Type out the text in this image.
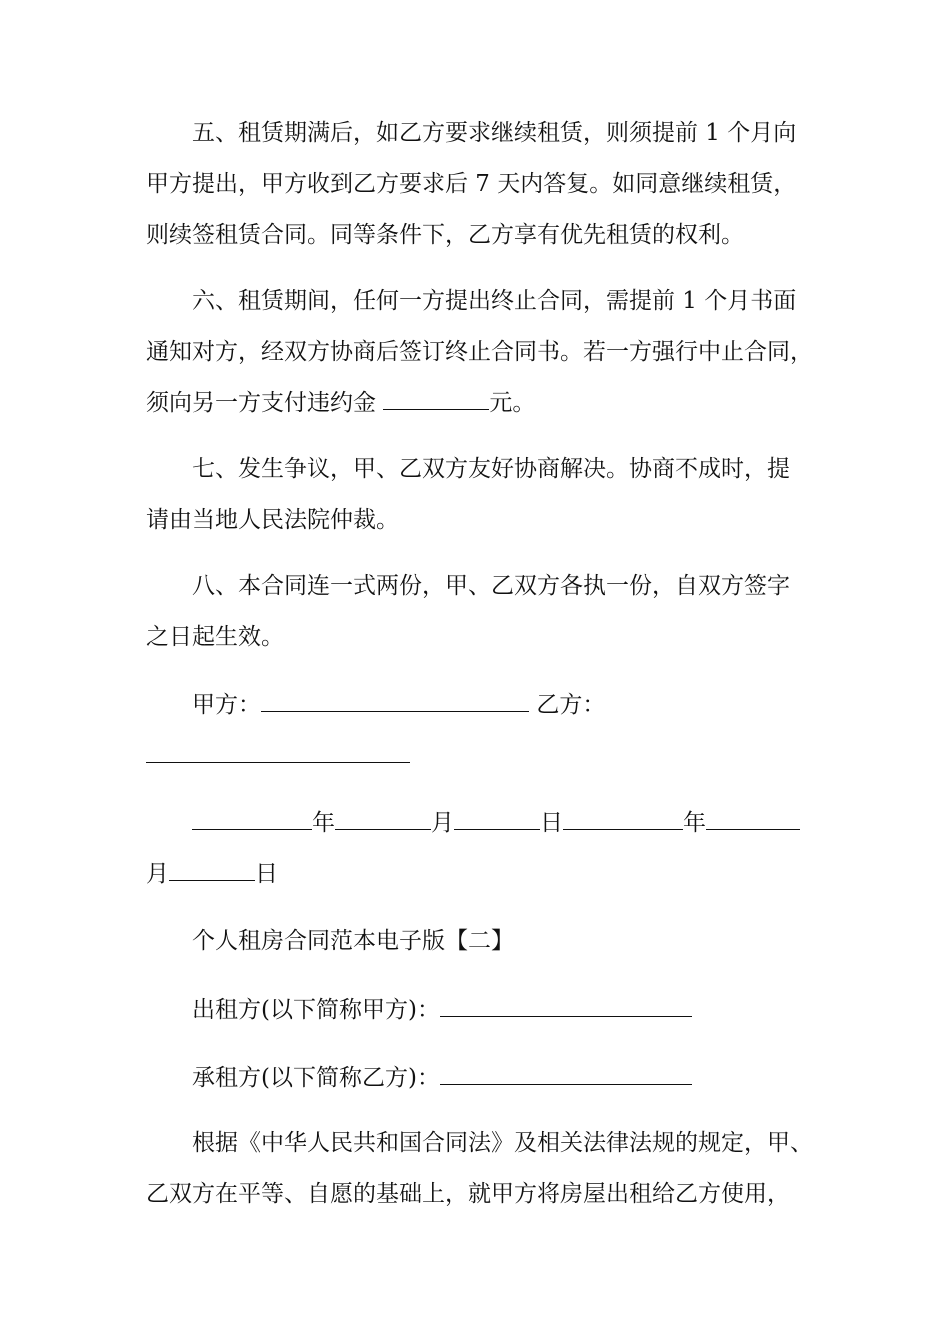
五、租赁期满后，如乙方要求继续租赁，则须提前 1 个月向
甲方提出，甲方收到乙方要求后 7 天内答复。如同意继续租赁，
则续签租赁合同。同等条件下，乙方享有优先租赁的权利。
六、租赁期间，任何一方提出终止合同，需提前 1 个月书面
通知对方，经双方协商后签订终止合同书。若一方强行中止合同，
须向另一方支付违约金	元。
七、发生争议，甲、乙双方友好协商解决。协商不成时，提
请由当地人民法院仲裁。
八、本合同连一式两份，甲、乙双方各执一份，自双方签字
之日起生效。
甲方：	乙方：
年	月	日	年
月	日
个人租房合同范本电子版【二】
出租方(以下简称甲方)：
承租方(以下简称乙方)：
根据《中华人民共和国合同法》及相关法律法规的规定，甲、
乙双方在平等、自愿的基础上，就甲方将房屋出租给乙方使用，
